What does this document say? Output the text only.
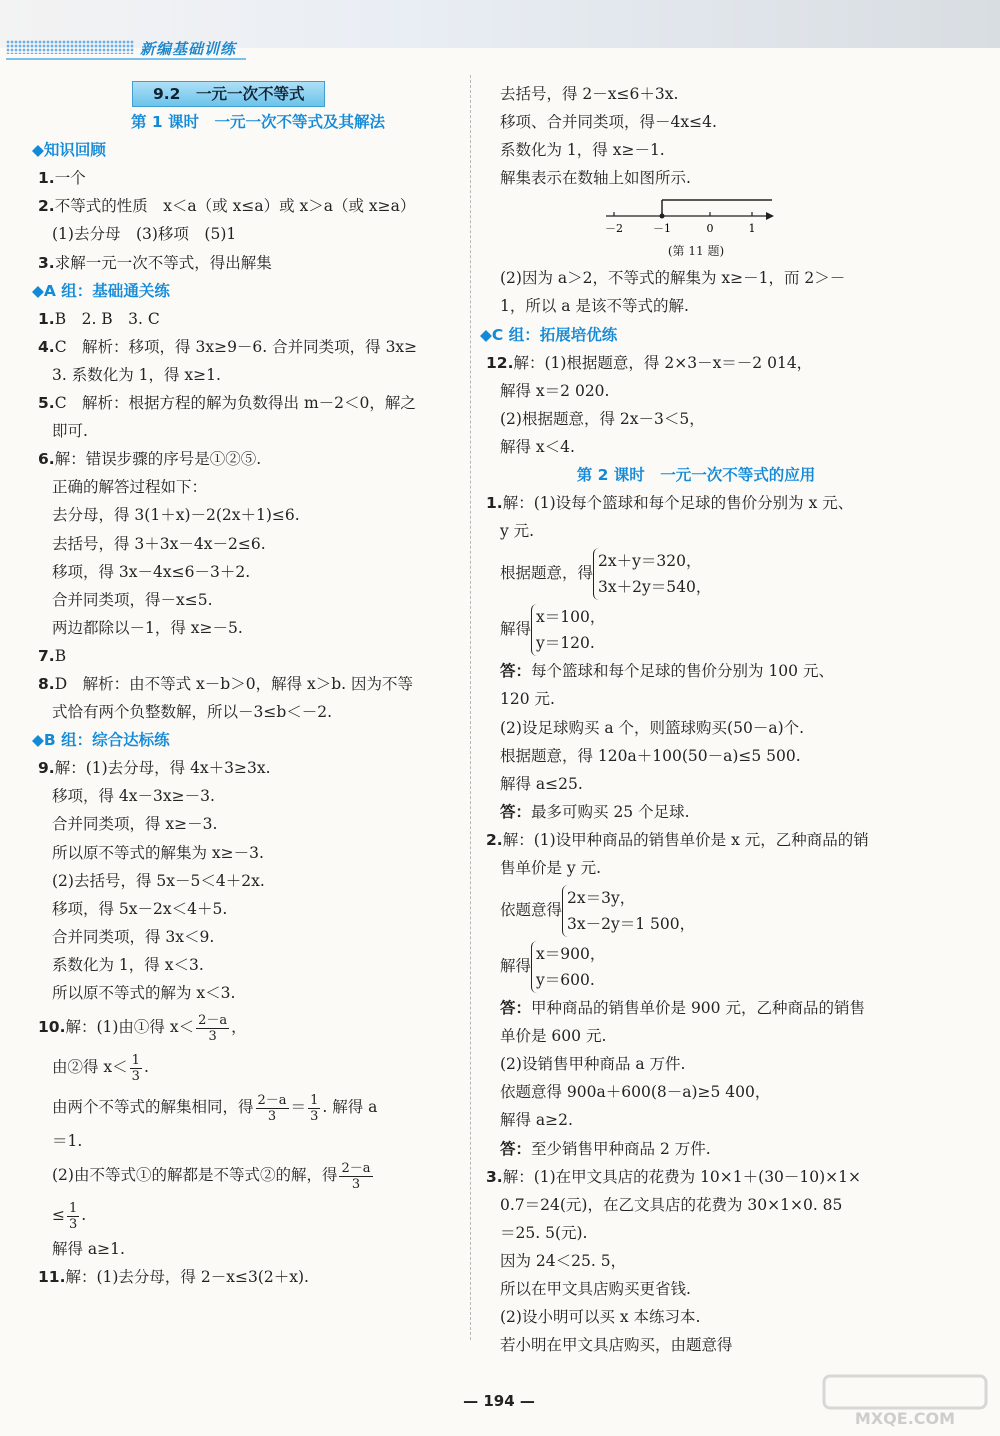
新编基础训练
9.2　一元一次不等式
第 1 课时　一元一次不等式及其解法
◆知识回顾
1.一个
2.不等式的性质　x＜a（或 x≤a）或 x＞a（或 x≥a）
(1)去分母　(3)移项　(5)1
3.求解一元一次不等式，得出解集
◆A 组：基础通关练
1.B　2. B　3. C
4.C　解析：移项，得 3x≥9－6. 合并同类项，得 3x≥
3. 系数化为 1，得 x≥1.
5.C　解析：根据方程的解为负数得出 m－2＜0，解之
即可.
6.解：错误步骤的序号是①②⑤.
正确的解答过程如下：
去分母，得 3(1＋x)－2(2x＋1)≤6.
去括号，得 3＋3x－4x－2≤6.
移项，得 3x－4x≤6－3＋2.
合并同类项，得－x≤5.
两边都除以－1，得 x≥－5.
7.B
8.D　解析：由不等式 x－b＞0，解得 x＞b. 因为不等
式恰有两个负整数解，所以－3≤b＜－2.
◆B 组：综合达标练
9.解：(1)去分母，得 4x＋3≥3x.
移项，得 4x－3x≥－3.
合并同类项，得 x≥－3.
所以原不等式的解集为 x≥－3.
(2)去括号，得 5x－5＜4＋2x.
移项，得 5x－2x＜4＋5.
合并同类项，得 3x＜9.
系数化为 1，得 x＜3.
所以原不等式的解为 x＜3.
10.解：(1)由①得 $x< \frac{2-a}{3}$ ，
由②得 $x< \frac{1}{3}$ .
由两个不等式的解集相同，得 $\frac{2-a}{3} = \frac{1}{3}$ . 解得 a
＝1.
(2)由不等式①的解都是不等式②的解，得 $\frac{2-a}{3}$
≤ $\frac{1}{3}$ .
解得 a≥1.
11.解：(1)去分母，得 2－x≤3(2＋x).
去括号，得 2－x≤6＋3x.
移项、合并同类项，得－4x≤4.
系数化为 1，得 x≥－1.
解集表示在数轴上如图所示.
－2	－1	0	1
(第 11 题)
(2)因为 a＞2，不等式的解集为 x≥－1，而 2＞－
1，所以 a 是该不等式的解.
◆C 组：拓展培优练
12.解：(1)根据题意，得 2×3－x＝－2 014，
解得 x＝2 020.
(2)根据题意，得 2x－3＜5，
解得 x＜4.
第 2 课时　一元一次不等式的应用
1.解：(1)设每个篮球和每个足球的售价分别为 x 元、
y 元.
根据题意，得
2x＋y＝320，
3x＋2y＝540，
解得
x＝100，
y＝120.
答：每个篮球和每个足球的售价分别为 100 元、
120 元.
(2)设足球购买 a 个，则篮球购买(50－a)个.
根据题意，得 120a＋100(50－a)≤5 500.
解得 a≤25.
答：最多可购买 25 个足球.
2.解：(1)设甲种商品的销售单价是 x 元，乙种商品的销
售单价是 y 元.
依题意得
2x＝3y，
3x－2y＝1 500，
解得
x＝900，
y＝600.
答：甲种商品的销售单价是 900 元，乙种商品的销售
单价是 600 元.
(2)设销售甲种商品 a 万件.
依题意得 900a＋600(8－a)≥5 400，
解得 a≥2.
答：至少销售甲种商品 2 万件.
3.解：(1)在甲文具店的花费为 10×1＋(30－10)×1×
0.7＝24(元)，在乙文具店的花费为 30×1×0. 85
＝25. 5(元).
因为 24＜25. 5，
所以在甲文具店购买更省钱.
(2)设小明可以买 x 本练习本.
若小明在甲文具店购买，由题意得
— 194 —
MXQE.COM
